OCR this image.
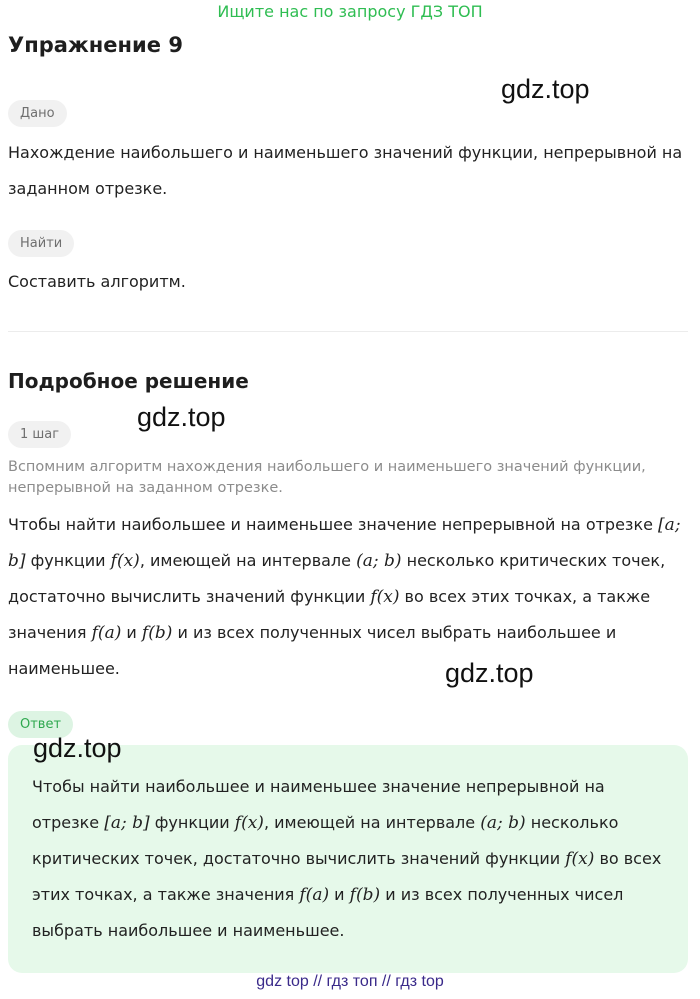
Ищите нас по запросу ГДЗ ТОП
Упражнение 9
gdz.top
Дано
Нахождение наибольшего и наименьшего значений функции, непрерывной на заданном отрезке.
Найти
Составить алгоритм.
Подробное решение
gdz.top
1 шаг
Вспомним алгоритм нахождения наибольшего и наименьшего значений функции, непрерывной на заданном отрезке.
Чтобы найти наибольшее и наименьшее значение непрерывной на отрезке [a; b] функции f(x), имеющей на интервале (a; b) несколько критических точек, достаточно вычислить значений функции f(x) во всех этих точках, а также значения f(a) и f(b) и из всех полученных чисел выбрать наибольшее и наименьшее.	gdz.top
Ответ
gdz.top
Чтобы найти наибольшее и наименьшее значение непрерывной на отрезке [a; b] функции f(x), имеющей на интервале (a; b) несколько критических точек, достаточно вычислить значений функции f(x) во всех этих точках, а также значения f(a) и f(b) и из всех полученных чисел выбрать наибольшее и наименьшее.
gdz top // гдз топ // гдз top
